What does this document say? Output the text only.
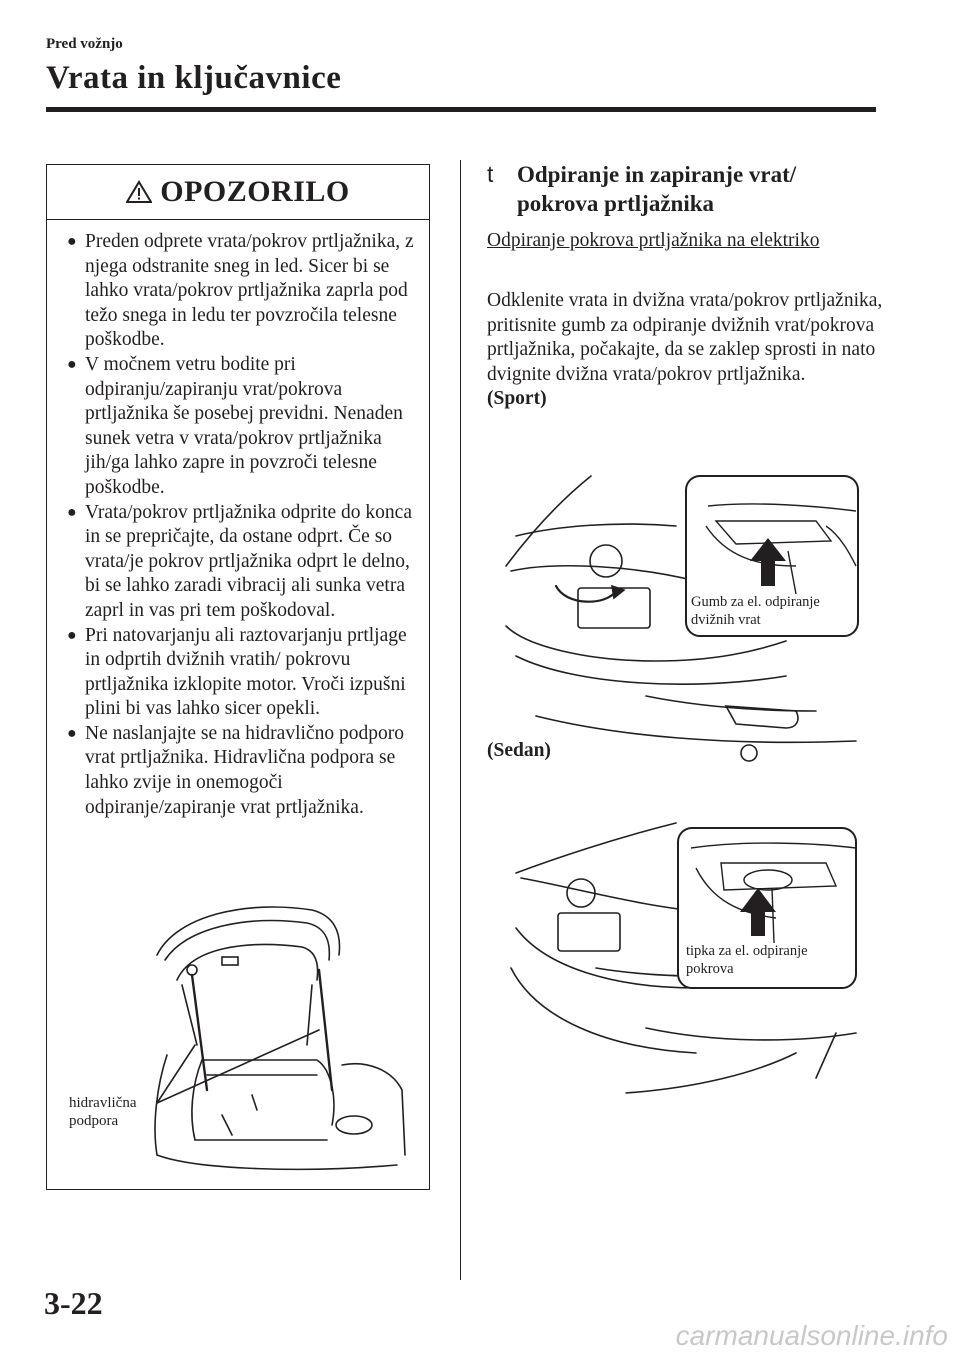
Pred vožnjo
Vrata in ključavnice
OPOZORILO
● Preden odprete vrata/pokrov prtljažnika, z njega odstranite sneg in led. Sicer bi se lahko vrata/pokrov prtljažnika zaprla pod težo snega in ledu ter povzročila telesne poškodbe.
● V močnem vetru bodite pri odpiranju/zapiranju vrat/pokrova prtljažnika še posebej previdni. Nenaden sunek vetra v vrata/pokrov prtljažnika jih/ga lahko zapre in povzroči telesne poškodbe.
● Vrata/pokrov prtljažnika odprite do konca in se prepričajte, da ostane odprt. Če so vrata/je pokrov prtljažnika odprt le delno, bi se lahko zaradi vibracij ali sunka vetra zaprl in vas pri tem poškodoval.
● Pri natovarjanju ali raztovarjanju prtljage in odprtih dvižnih vratih/ pokrovu prtljažnika izklopite motor. Vroči izpušni plini bi vas lahko sicer opekli.
● Ne naslanjajte se na hidravlično podporo vrat prtljažnika. Hidravlična podpora se lahko zvije in onemogoči odpiranje/zapiranje vrat prtljažnika.
hidravlična
podpora
t	Odpiranje in zapiranje vrat/
pokrova prtljažnika
Odpiranje pokrova prtljažnika na elektriko
Odklenite vrata in dvižna vrata/pokrov prtljažnika, pritisnite gumb za odpiranje dvižnih vrat/pokrova prtljažnika, počakajte, da se zaklep sprosti in nato dvignite dvižna vrata/pokrov prtljažnika.
(Sport)
Gumb za el. odpiranje
dvižnih vrat
(Sedan)
tipka za el. odpiranje
pokrova
3-22
carmanualsonline.info
